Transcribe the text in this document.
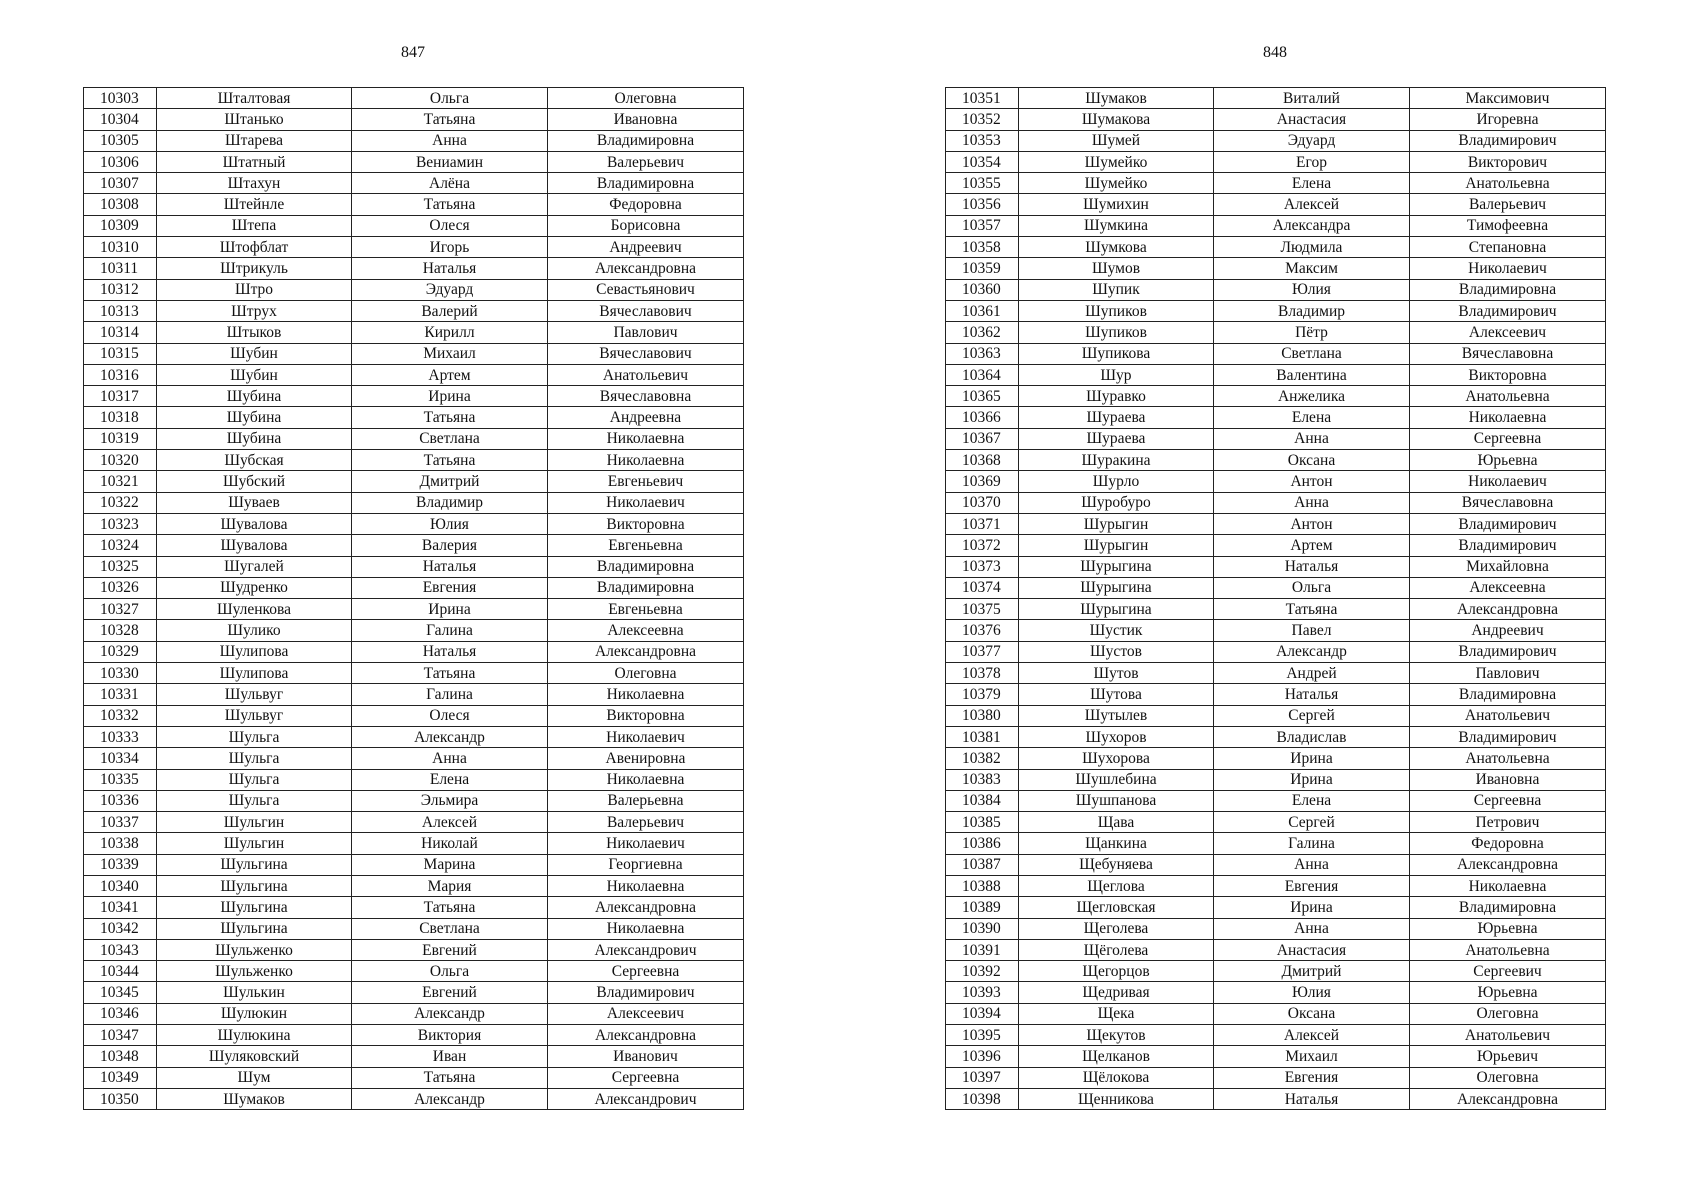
847
10303	Шталтовая	Ольга	Олеговна
10304	Штанько	Татьяна	Ивановна
10305	Штарева	Анна	Владимировна
10306	Штатный	Вениамин	Валерьевич
10307	Штахун	Алёна	Владимировна
10308	Штейнле	Татьяна	Федоровна
10309	Штепа	Олеся	Борисовна
10310	Штофблат	Игорь	Андреевич
10311	Штрикуль	Наталья	Александровна
10312	Штро	Эдуард	Севастьянович
10313	Штрух	Валерий	Вячеславович
10314	Штыков	Кирилл	Павлович
10315	Шубин	Михаил	Вячеславович
10316	Шубин	Артем	Анатольевич
10317	Шубина	Ирина	Вячеславовна
10318	Шубина	Татьяна	Андреевна
10319	Шубина	Светлана	Николаевна
10320	Шубская	Татьяна	Николаевна
10321	Шубский	Дмитрий	Евгеньевич
10322	Шуваев	Владимир	Николаевич
10323	Шувалова	Юлия	Викторовна
10324	Шувалова	Валерия	Евгеньевна
10325	Шугалей	Наталья	Владимировна
10326	Шудренко	Евгения	Владимировна
10327	Шуленкова	Ирина	Евгеньевна
10328	Шулико	Галина	Алексеевна
10329	Шулипова	Наталья	Александровна
10330	Шулипова	Татьяна	Олеговна
10331	Шульвуг	Галина	Николаевна
10332	Шульвуг	Олеся	Викторовна
10333	Шульга	Александр	Николаевич
10334	Шульга	Анна	Авенировна
10335	Шульга	Елена	Николаевна
10336	Шульга	Эльмира	Валерьевна
10337	Шульгин	Алексей	Валерьевич
10338	Шульгин	Николай	Николаевич
10339	Шульгина	Марина	Георгиевна
10340	Шульгина	Мария	Николаевна
10341	Шульгина	Татьяна	Александровна
10342	Шульгина	Светлана	Николаевна
10343	Шульженко	Евгений	Александрович
10344	Шульженко	Ольга	Сергеевна
10345	Шулькин	Евгений	Владимирович
10346	Шулюкин	Александр	Алексеевич
10347	Шулюкина	Виктория	Александровна
10348	Шуляковский	Иван	Иванович
10349	Шум	Татьяна	Сергеевна
10350	Шумаков	Александр	Александрович
848
10351	Шумаков	Виталий	Максимович
10352	Шумакова	Анастасия	Игоревна
10353	Шумей	Эдуард	Владимирович
10354	Шумейко	Егор	Викторович
10355	Шумейко	Елена	Анатольевна
10356	Шумихин	Алексей	Валерьевич
10357	Шумкина	Александра	Тимофеевна
10358	Шумкова	Людмила	Степановна
10359	Шумов	Максим	Николаевич
10360	Шупик	Юлия	Владимировна
10361	Шупиков	Владимир	Владимирович
10362	Шупиков	Пётр	Алексеевич
10363	Шупикова	Светлана	Вячеславовна
10364	Шур	Валентина	Викторовна
10365	Шуравко	Анжелика	Анатольевна
10366	Шураева	Елена	Николаевна
10367	Шураева	Анна	Сергеевна
10368	Шуракина	Оксана	Юрьевна
10369	Шурло	Антон	Николаевич
10370	Шуробуро	Анна	Вячеславовна
10371	Шурыгин	Антон	Владимирович
10372	Шурыгин	Артем	Владимирович
10373	Шурыгина	Наталья	Михайловна
10374	Шурыгина	Ольга	Алексеевна
10375	Шурыгина	Татьяна	Александровна
10376	Шустик	Павел	Андреевич
10377	Шустов	Александр	Владимирович
10378	Шутов	Андрей	Павлович
10379	Шутова	Наталья	Владимировна
10380	Шутылев	Сергей	Анатольевич
10381	Шухоров	Владислав	Владимирович
10382	Шухорова	Ирина	Анатольевна
10383	Шушлебина	Ирина	Ивановна
10384	Шушпанова	Елена	Сергеевна
10385	Щава	Сергей	Петрович
10386	Щанкина	Галина	Федоровна
10387	Щебуняева	Анна	Александровна
10388	Щеглова	Евгения	Николаевна
10389	Щегловская	Ирина	Владимировна
10390	Щеголева	Анна	Юрьевна
10391	Щёголева	Анастасия	Анатольевна
10392	Щегорцов	Дмитрий	Сергеевич
10393	Щедривая	Юлия	Юрьевна
10394	Щека	Оксана	Олеговна
10395	Щекутов	Алексей	Анатольевич
10396	Щелканов	Михаил	Юрьевич
10397	Щёлокова	Евгения	Олеговна
10398	Щенникова	Наталья	Александровна
